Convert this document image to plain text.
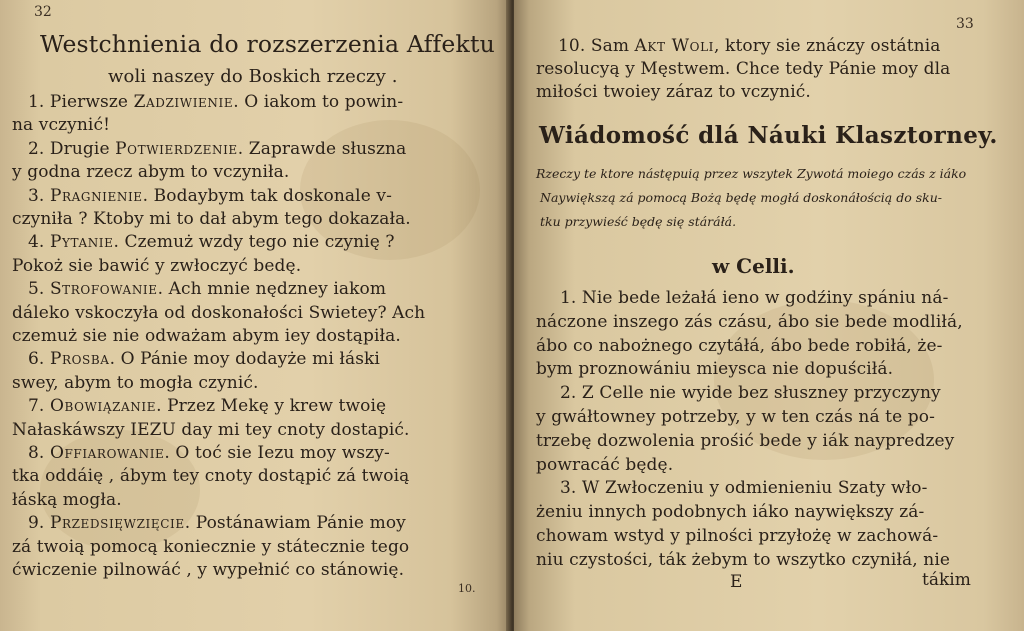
32
Westchnienia do rozszerzenia Affektu
woli naszey do Boskich rzeczy .
1. Pierwsze Zadziwienie. O iakom to powin-
na vczynić!
2. Drugie Potwierdzenie. Zaprawde słuszna
y godna rzecz abym to vczyniła.
3. Pragnienie. Bodaybym tak doskonale v-
czyniła ? Ktoby mi to dał abym tego dokazała.
4. Pytanie. Czemuż wzdy tego nie czynię ?
Pokoż sie bawić y zwłoczyć bedę.
5. Strofowanie. Ach mnie nędzney iakom
dáleko vskoczyła od doskonałości Swietey? Ach
czemuż sie nie odważam abym iey dostąpiła.
6. Prosba. O Pánie moy dodayże mi łáski
swey, abym to mogła czynić.
7. Obowiązanie. Przez Mekę y krew twoię
Nałaskáwszy IEZU day mi tey cnoty dostapić.
8. Offiarowanie. O toć sie Iezu moy wszy-
tka oddáię , ábym tey cnoty dostąpić zá twoią
łáską mogła.
9. Przedsięwzięcie. Postánawiam Pánie moy
zá twoią pomocą koniecznie y státecznie tego
ćwiczenie pilnowáć , y wypełnić co stánowię.
10.
33
10. Sam Akt Woli, ktory sie znáczy ostátnia
resolucyą y Męstwem. Chce tedy Pánie moy dla
miłości twoiey záraz to vczynić.
Wiádomość dlá Náuki Klasztorney.
Rzeczy te ktore nástępuią przez wszytek Zywotá moiego czás z iáko
Naywiększą zá pomocą Bożą będę mogłá doskonáłością do sku-
tku przywieść będę się stáráłá.
w Celli.
1. Nie bede leżałá ieno w godźiny spániu ná-
náczone inszego zás czásu, ábo sie bede modliłá,
ábo co nabożnego czytáłá, ábo bede robiłá, że-
bym proznowániu mieysca nie dopuściłá.
2. Z Celle nie wyide bez słuszney przyczyny
y gwáłtowney potrzeby, y w ten czás ná te po-
trzebę dozwolenia prośić bede y iák naypredzey
powracáć będę.
3. W Zwłoczeniu y odmienieniu Szaty wło-
żeniu innych podobnych iáko naywiększy zá-
chowam wstyd y pilności przyłożę w zachowá-
niu czystości, ták żebym to wszytko czyniłá, nie
E	tákim
